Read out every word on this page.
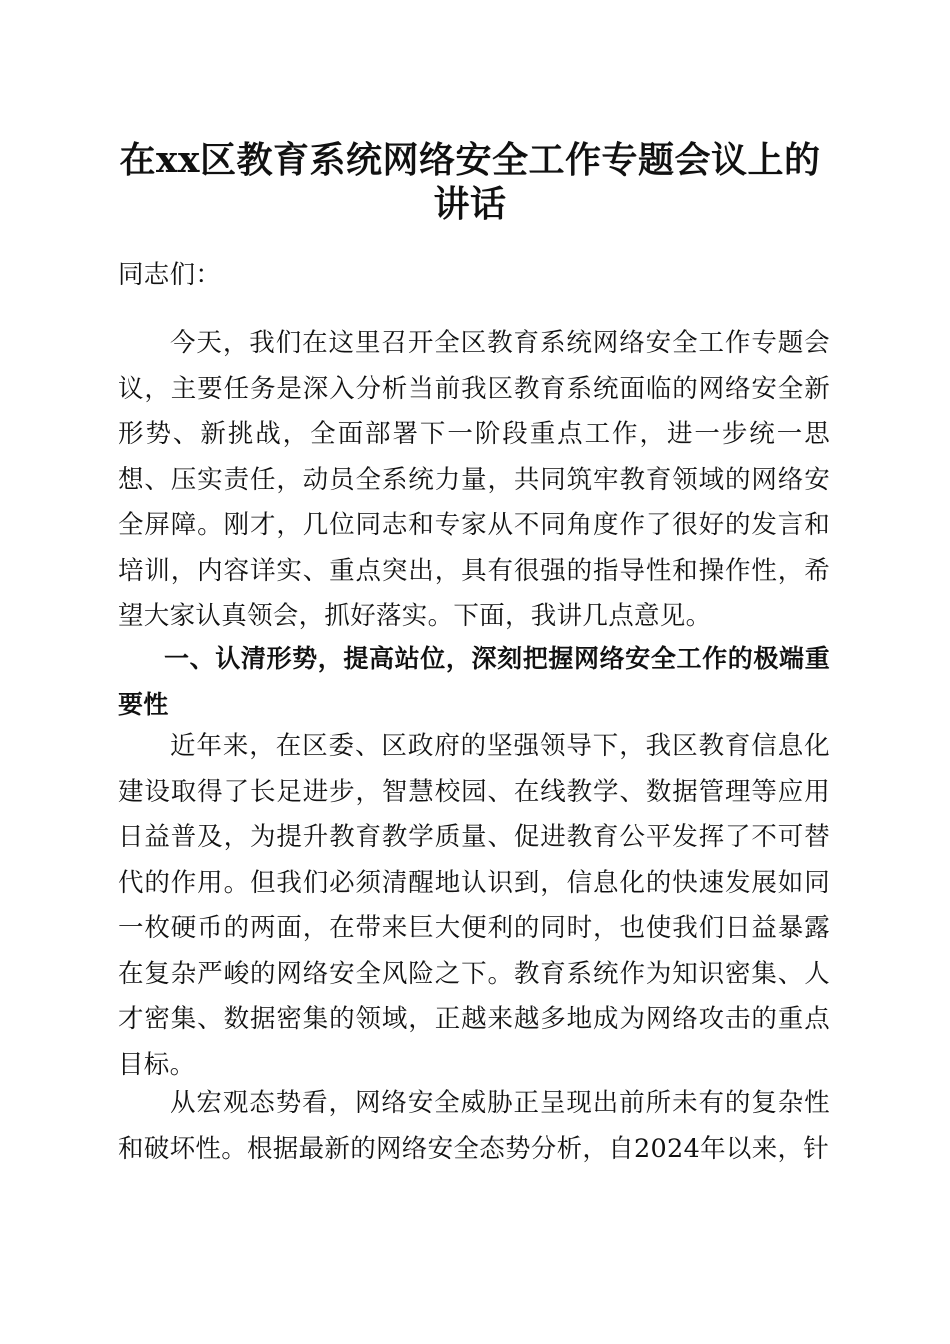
在xx区教育系统网络安全工作专题会议上的
讲话
同志们：
今天，我们在这里召开全区教育系统网络安全工作专题会议，主要任务是深入分析当前我区教育系统面临的网络安全新形势、新挑战，全面部署下一阶段重点工作，进一步统一思想、压实责任，动员全系统力量，共同筑牢教育领域的网络安全屏障。刚才，几位同志和专家从不同角度作了很好的发言和培训，内容详实、重点突出，具有很强的指导性和操作性，希望大家认真领会，抓好落实。下面，我讲几点意见。
一、认清形势，提高站位，深刻把握网络安全工作的极端重要性
近年来，在区委、区政府的坚强领导下，我区教育信息化建设取得了长足进步，智慧校园、在线教学、数据管理等应用日益普及，为提升教育教学质量、促进教育公平发挥了不可替代的作用。但我们必须清醒地认识到，信息化的快速发展如同一枚硬币的两面，在带来巨大便利的同时，也使我们日益暴露在复杂严峻的网络安全风险之下。教育系统作为知识密集、人才密集、数据密集的领域，正越来越多地成为网络攻击的重点目标。
从宏观态势看，网络安全威胁正呈现出前所未有的复杂性和破坏性。根据最新的网络安全态势分析，自2024年以来，针
